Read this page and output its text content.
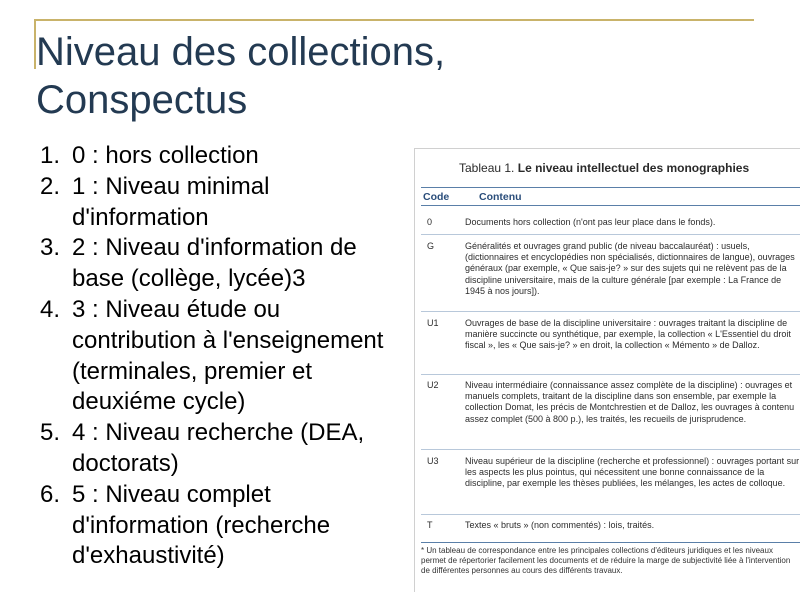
Niveau des collections,
Conspectus
1. 0 : hors collection
2. 1 : Niveau minimal d'information
3. 2 : Niveau d'information de base (collège, lycée)3
4. 3 : Niveau étude ou contribution à l'enseignement (terminales, premier et deuxiéme cycle)
5. 4 : Niveau recherche (DEA, doctorats)
6. 5 : Niveau complet d'information (recherche d'exhaustivité)
Tableau 1. Le niveau intellectuel des monographies
Code	Contenu
0	Documents hors collection (n'ont pas leur place dans le fonds).
G	Généralités et ouvrages grand public (de niveau baccalauréat) : usuels, (dictionnaires et encyclopédies non spécialisés, dictionnaires de langue), ouvrages généraux (par exemple, « Que sais-je? » sur des sujets qui ne relèvent pas de la discipline universitaire, mais de la culture générale [par exemple : La France de 1945 à nos jours]).
U1	Ouvrages de base de la discipline universitaire : ouvrages traitant la discipline de manière succincte ou synthétique, par exemple, la collection « L'Essentiel du droit fiscal », les « Que sais-je? » en droit, la collection « Mémento » de Dalloz.
U2	Niveau intermédiaire (connaissance assez complète de la discipline) : ouvrages et manuels complets, traitant de la discipline dans son ensemble, par exemple la collection Domat, les précis de Montchrestien et de Dalloz, les ouvrages à contenu assez complet (500 à 800 p.), les traités, les recueils de jurisprudence.
U3	Niveau supérieur de la discipline (recherche et professionnel) : ouvrages portant sur les aspects les plus pointus, qui nécessitent une bonne connaissance de la discipline, par exemple les thèses publiées, les mélanges, les actes de colloque.
T	Textes « bruts » (non commentés) : lois, traités.
* Un tableau de correspondance entre les principales collections d'éditeurs juridiques et les niveaux permet de répertorier facilement les documents et de réduire la marge de subjectivité liée à l'intervention de différentes personnes au cours des différents travaux.
